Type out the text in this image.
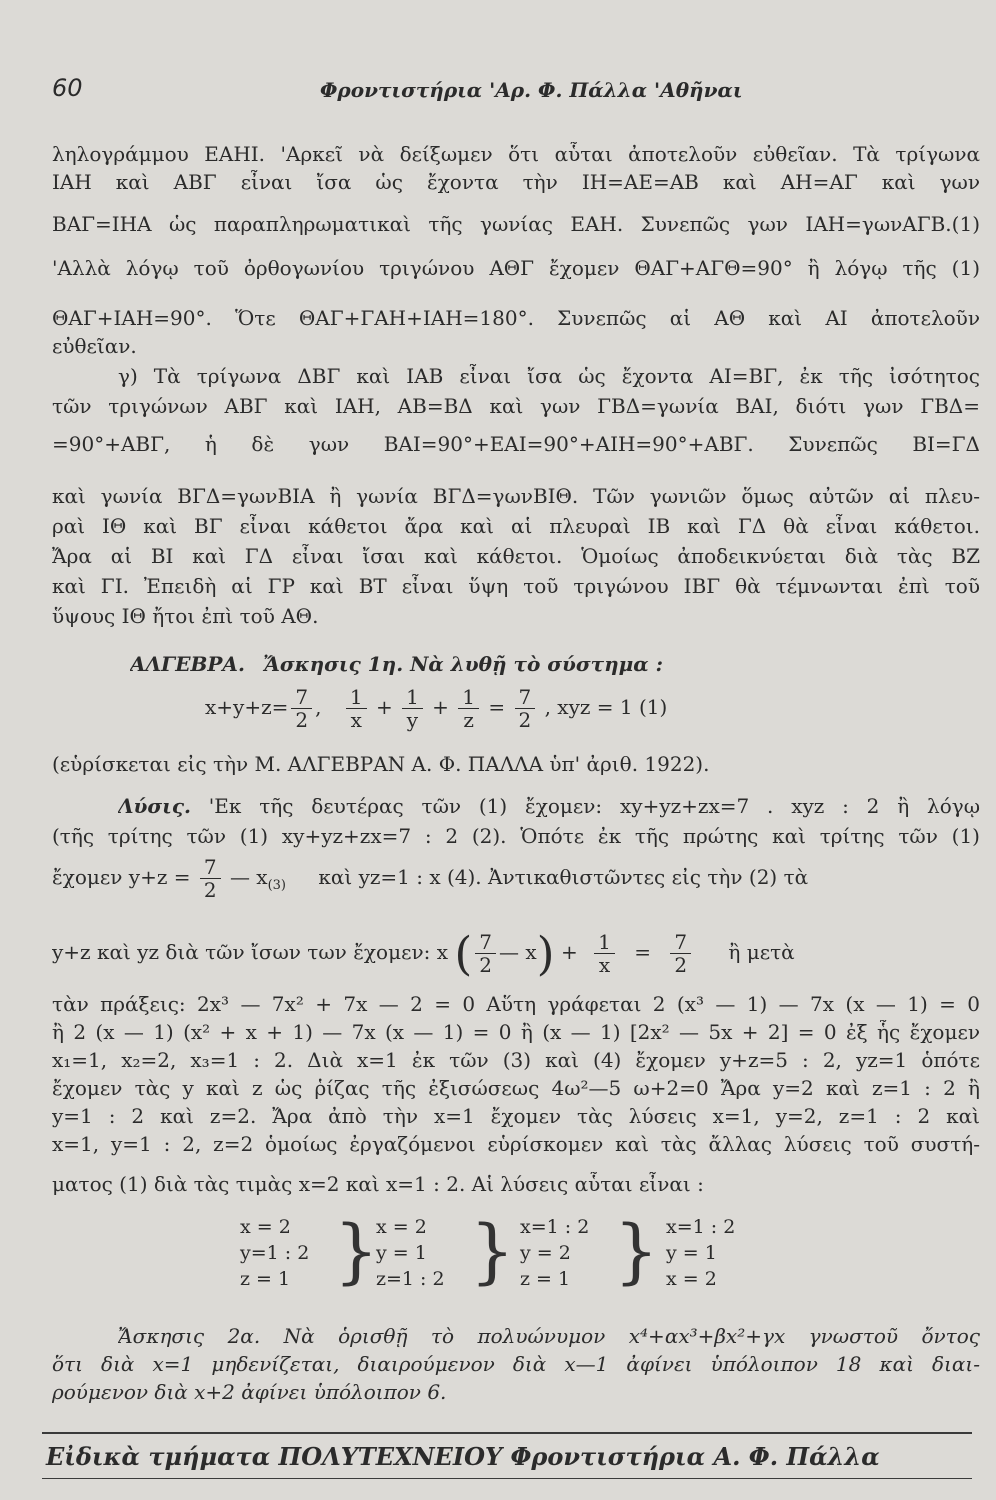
60	Φροντιστήρια 'Αρ. Φ. Πάλλα 'Αθῆναι
ληλογράμμου ΕΑΗΙ. 'Αρκεῖ νὰ δείξωμεν ὅτι αὗται ἀποτελοῦν εὐθεῖαν. Τὰ τρίγωνα
ΙΑΗ καὶ ΑΒΓ εἶναι ἴσα ὡς ἔχοντα τὴν ΙΗ=ΑΕ=ΑΒ καὶ ΑΗ=ΑΓ καὶ γων
ΒΑΓ=ΙΗΑ ὡς παραπληρωματικαὶ τῆς γωνίας ΕΑΗ. Συνεπῶς γων ΙΑΗ=γωνΑΓΒ.(1)
'Αλλὰ λόγῳ τοῦ ὀρθογωνίου τριγώνου ΑΘΓ ἔχομεν ΘΑΓ+ΑΓΘ=90° ἢ λόγῳ τῆς (1)
ΘΑΓ+ΙΑΗ=90°. Ὅτε ΘΑΓ+ΓΑΗ+ΙΑΗ=180°. Συνεπῶς αἱ ΑΘ καὶ ΑΙ ἀποτελοῦν
εὐθεῖαν.
γ) Τὰ τρίγωνα ΔΒΓ καὶ ΙΑΒ εἶναι ἴσα ὡς ἔχοντα ΑΙ=ΒΓ, ἐκ τῆς ἰσότητος
τῶν τριγώνων ΑΒΓ καὶ ΙΑΗ, ΑΒ=ΒΔ καὶ γων ΓΒΔ=γωνία ΒΑΙ, διότι γων ΓΒΔ=
=90°+ΑΒΓ, ἡ δὲ γων ΒΑΙ=90°+ΕΑΙ=90°+ΑΙΗ=90°+ΑΒΓ. Συνεπῶς ΒΙ=ΓΔ
καὶ γωνία ΒΓΔ=γωνΒΙΑ ἢ γωνία ΒΓΔ=γωνΒΙΘ. Τῶν γωνιῶν ὅμως αὐτῶν αἱ πλευ-
ραὶ ΙΘ καὶ ΒΓ εἶναι κάθετοι ἄρα καὶ αἱ πλευραὶ ΙΒ καὶ ΓΔ θὰ εἶναι κάθετοι.
Ἄρα αἱ ΒΙ καὶ ΓΔ εἶναι ἴσαι καὶ κάθετοι. Ὁμοίως ἀποδεικνύεται διὰ τὰς ΒΖ
καὶ ΓΙ. Ἐπειδὴ αἱ ΓΡ καὶ ΒΤ εἶναι ὕψη τοῦ τριγώνου ΙΒΓ θὰ τέμνωνται ἐπὶ τοῦ
ὕψους ΙΘ ἤτοι ἐπὶ τοῦ ΑΘ.
ΑΛΓΕΒΡΑ. Ἄσκησις 1η. Νὰ λυθῇ τὸ σύστημα :
$x+y+z= \frac{7}{2}$ , $\frac{1}{x} + \frac{1}{y} + \frac{1}{z} = \frac{7}{2}$ , xyz = 1 (1)
(εὑρίσκεται εἰς τὴν Μ. ΑΛΓΕΒΡΑΝ Α. Φ. ΠΑΛΛΑ ὑπ' ἀριθ. 1922).
Λύσις. 'Εκ τῆς δευτέρας τῶν (1) ἔχομεν: xy+yz+zx=7 . xyz : 2 ἢ λόγῳ
(τῆς τρίτης τῶν (1) xy+yz+zx=7 : 2 (2). Ὁπότε ἐκ τῆς πρώτης καὶ τρίτης τῶν (1)
ἔχομεν $y+z = \frac{7}{2}$ — $x_{(3)}$ καὶ yz=1 : x (4). Ἀντικαθιστῶντες εἰς τὴν (2) τὰ
y+z καὶ yz διὰ τῶν ἴσων των ἔχομεν: x ( $\frac{7}{2}$ — $x) + \frac{1}{x} = \frac{7}{2}$ ἢ μετὰ
τὰν πράξεις: 2x³ — 7x² + 7x — 2 = 0 Αὕτη γράφεται 2 (x³ — 1) — 7x (x — 1) = 0
ἢ 2 (x — 1) (x² + x + 1) — 7x (x — 1) = 0 ἢ (x — 1) [2x² — 5x + 2] = 0 ἐξ ἧς ἔχομεν
x₁=1, x₂=2, x₃=1 : 2. Διὰ x=1 ἐκ τῶν (3) καὶ (4) ἔχομεν y+z=5 : 2, yz=1 ὁπότε
ἔχομεν τὰς y καὶ z ὡς ῥίζας τῆς ἐξισώσεως 4ω²—5 ω+2=0 Ἄρα y=2 καὶ z=1 : 2 ἢ
y=1 : 2 καὶ z=2. Ἄρα ἀπὸ τὴν x=1 ἔχομεν τὰς λύσεις x=1, y=2, z=1 : 2 καὶ
x=1, y=1 : 2, z=2 ὁμοίως ἐργαζόμενοι εὑρίσκομεν καὶ τὰς ἄλλας λύσεις τοῦ συστή-
ματος (1) διὰ τὰς τιμὰς x=2 καὶ x=1 : 2. Αἱ λύσεις αὗται εἶναι :
x = 2
y=1 : 2
z = 1 }
x = 2
y = 1
z=1 : 2 } x=1 : 2
y = 2
z = 1 } x=1 : 2
y = 1
x = 2
Ἄσκησις 2α. Νὰ ὁρισθῇ τὸ πολυώνυμον x⁴+αx³+βx²+γx γνωστοῦ ὄντος
ὅτι διὰ x=1 μηδενίζεται, διαιρούμενον διὰ x—1 ἀφίνει ὑπόλοιπον 18 καὶ διαι-
ρούμενον διὰ x+2 ἀφίνει ὑπόλοιπον 6.
Εἰδικὰ τμήματα ΠΟΛΥΤΕΧΝΕΙΟΥ Φροντιστήρια Α. Φ. Πάλλα
